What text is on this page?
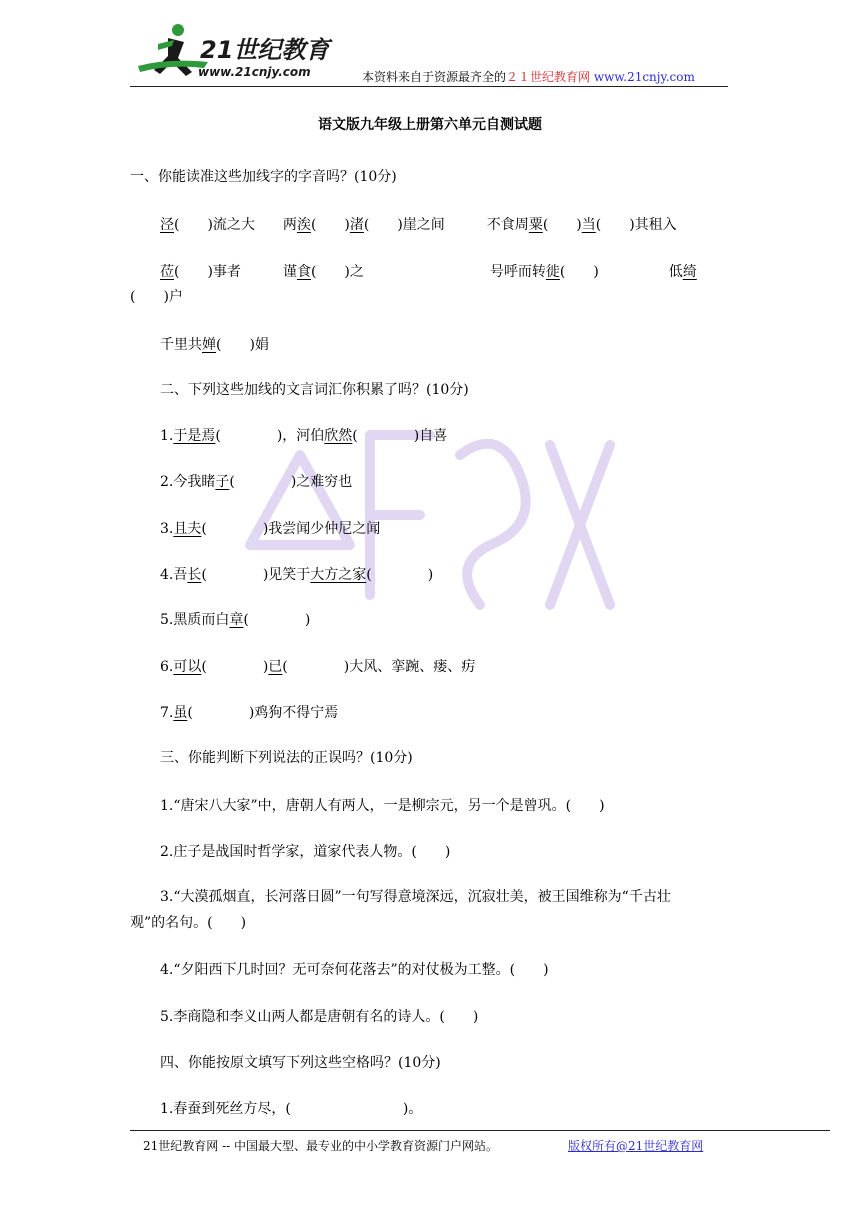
21世纪教育
www.21cnjy.com	本资料来自于资源最齐全的２１世纪教育网 www.21cnjy.com
语文版九年级上册第六单元自测试题
一、你能读准这些加线字的字音吗？(10分)
泾(　　)流之大　　两涘(　　)渚(　　)崖之间　　　不食周粟(　　)当(　　)其租入
莅(　　)事者　　　谨食(　　)之　　　　　　　　　号呼而转徙(　　)　　　　　低绮
(　　)户
千里共婵(　　)娟
二、下列这些加线的文言词汇你积累了吗？(10分)
1.于是焉(　　　　)，河伯欣然(　　　　)自喜
2.今我睹子(　　　　)之难穷也
3.且夫(　　　　)我尝闻少仲尼之闻
4.吾长(　　　　)见笑于大方之家(　　　　)
5.黑质而白章(　　　　)
6.可以(　　　　)已(　　　　)大风、挛踠、瘘、疠
7.虽(　　　　)鸡狗不得宁焉
三、你能判断下列说法的正误吗？(10分)
1.“唐宋八大家”中，唐朝人有两人，一是柳宗元，另一个是曾巩。(　　)
2.庄子是战国时哲学家，道家代表人物。(　　)
3.“大漠孤烟直，长河落日圆”一句写得意境深远，沉寂壮美，被王国维称为“千古壮
观”的名句。(　　)
4.“夕阳西下几时回？无可奈何花落去”的对仗极为工整。(　　)
5.李商隐和李义山两人都是唐朝有名的诗人。(　　)
四、你能按原文填写下列这些空格吗？(10分)
1.春蚕到死丝方尽，(　　　　　　　　)。
21世纪教育网 -- 中国最大型、最专业的中小学教育资源门户网站。	版权所有@21世纪教育网
